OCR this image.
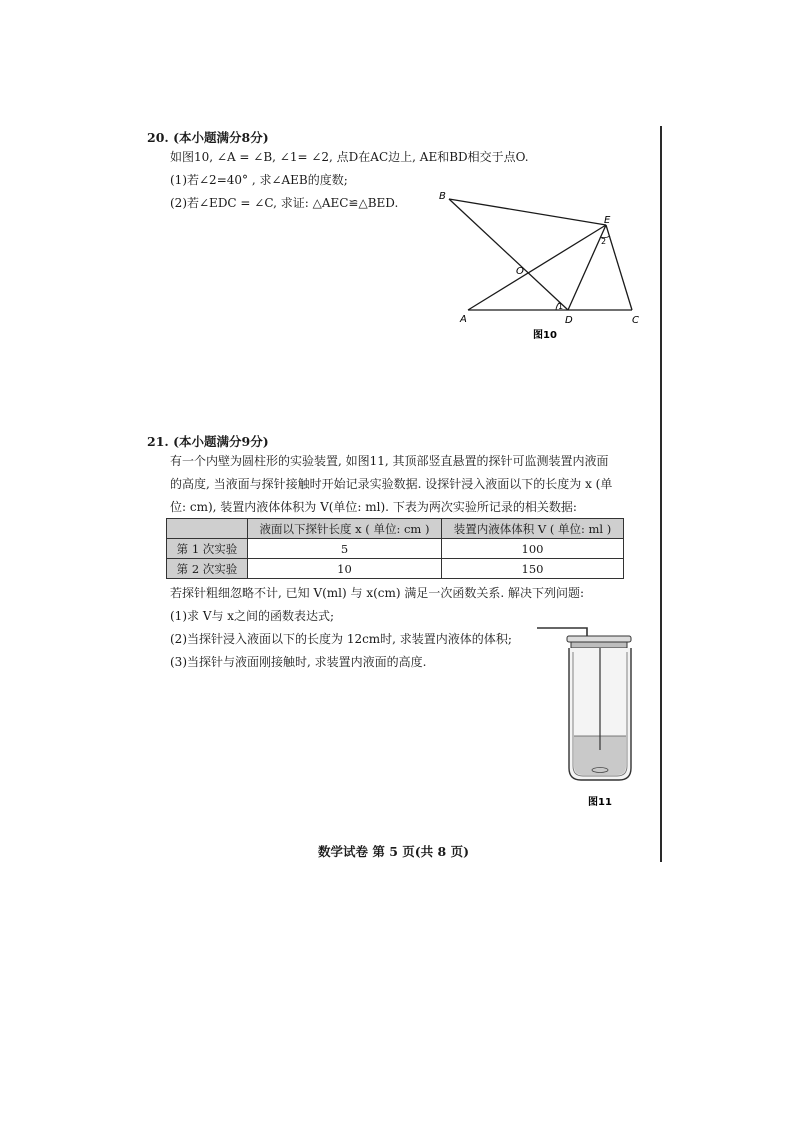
20. (本小题满分8分)
如图10, ∠A = ∠B, ∠1= ∠2, 点D在AC边上, AE和BD相交于点O.
(1)若∠2=40° , 求∠AEB的度数;
(2)若∠EDC = ∠C, 求证: △AEC≌△BED.	B
E
O
A	D	C
1
2
图10
21. (本小题满分9分)
有一个内壁为圆柱形的实验装置, 如图11, 其顶部竖直悬置的探针可监测装置内液面
的高度, 当液面与探针接触时开始记录实验数据. 设探针浸入液面以下的长度为 x (单
位: cm), 装置内液体体积为 V(单位: ml). 下表为两次实验所记录的相关数据:
	液面以下探针长度 x ( 单位: cm )	装置内液体体积 V ( 单位: ml )
第 1 次实验	5	100
第 2 次实验	10	150
若探针粗细忽略不计, 已知 V(ml) 与 x(cm) 满足一次函数关系. 解决下列问题:
(1)求 V与 x之间的函数表达式;
(2)当探针浸入液面以下的长度为 12cm时, 求装置内液体的体积;
(3)当探针与液面刚接触时, 求装置内液面的高度.
图11
数学试卷 第 5 页(共 8 页)
